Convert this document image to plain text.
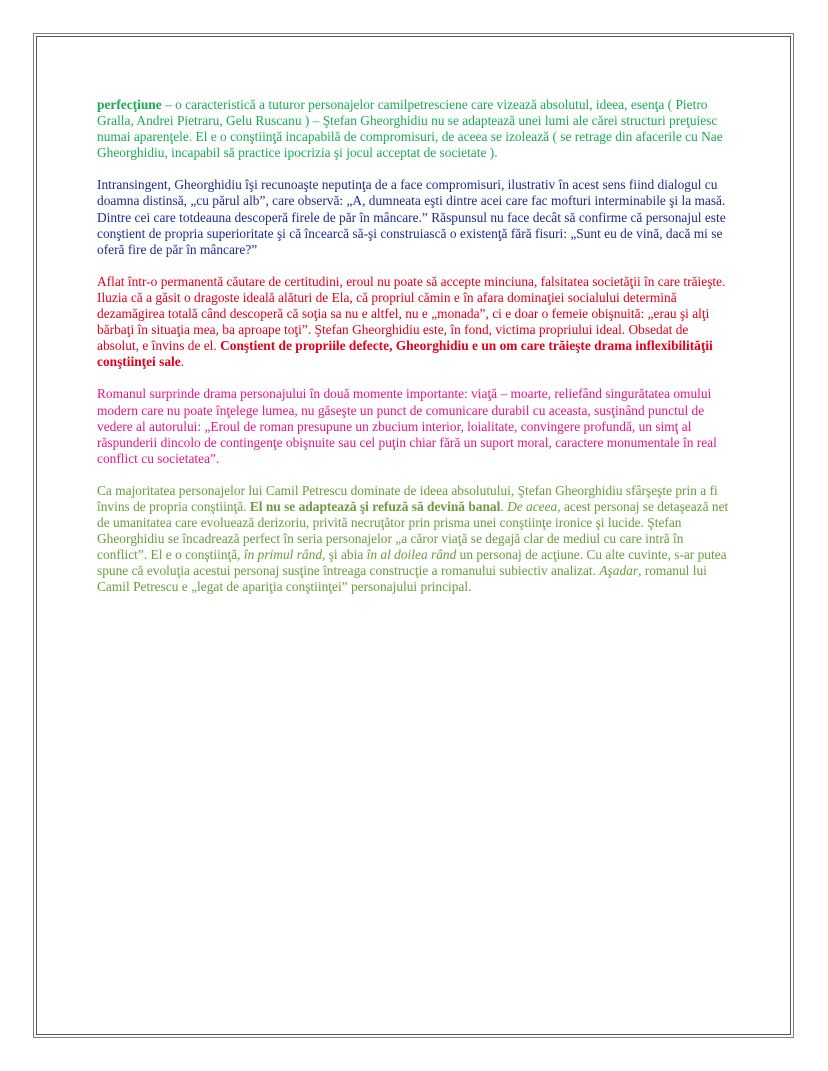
perfecţiune – o caracteristică a tuturor personajelor camilpetresciene care vizează absolutul, ideea, esenţa ( Pietro Gralla, Andrei Pietraru, Gelu Ruscanu ) – Ştefan Gheorghidiu nu se adaptează unei lumi ale cărei structuri preţuiesc numai aparenţele. El e o conştiinţă incapabilă de compromisuri, de aceea se izolează ( se retrage din afacerile cu Nae Gheorghidiu, incapabil să practice ipocrizia şi jocul acceptat de societate ).

Intransingent, Gheorghidiu îşi recunoaşte neputinţa de a face compromisuri, ilustrativ în acest sens fiind dialogul cu doamna distinsă, „cu părul alb”, care observă: „A, dumneata eşti dintre acei care fac mofturi interminabile şi la masă. Dintre cei care totdeauna descoperă firele de păr în mâncare.” Răspunsul nu face decât să confirme că personajul este conştient de propria superioritate şi că încearcă să-şi construiască o existenţă fără fisuri: „Sunt eu de vină, dacă mi se oferă fire de păr în mâncare?”

Aflat într-o permanentă căutare de certitudini, eroul nu poate să accepte minciuna, falsitatea societăţii în care trăieşte. Iluzia că a găsit o dragoste ideală alături de Ela, că propriul cămin e în afara dominaţiei socialului determină dezamăgirea totală când descoperă că soţia sa nu e altfel, nu e „monada”, ci e doar o femeie obişnuită: „erau şi alţi bărbaţi în situaţia mea, ba aproape toţi”. Ştefan Gheorghidiu este, în fond, victima propriului ideal. Obsedat de absolut, e învins de el. Conştient de propriile defecte, Gheorghidiu e un om care trăieşte drama inflexibilităţii conştiinţei sale.

Romanul surprinde drama personajului în două momente importante: viaţă – moarte, reliefând singurătatea omului modern care nu poate înţelege lumea, nu găseşte un punct de comunicare durabil cu aceasta, susţinând punctul de vedere al autorului: „Eroul de roman presupune un zbucium interior, loialitate, convingere profundă, un simţ al răspunderii dincolo de contingenţe obişnuite sau cel puţin chiar fără un suport moral, caractere monumentale în real conflict cu societatea”.

Ca majoritatea personajelor lui Camil Petrescu dominate de ideea absolutului, Ştefan Gheorghidiu sfârşeşte prin a fi învins de propria conştiinţă. El nu se adaptează şi refuză să devină banal. De aceea, acest personaj se detaşează net de umanitatea care evoluează derizoriu, privită necruţător prin prisma unei conştiinţe ironice şi lucide. Ştefan Gheorghidiu se încadrează perfect în seria personajelor „a căror viaţă se degajă clar de mediul cu care intră în conflict”. El e o conştiinţă, în primul rând, şi abia în al doilea rând un personaj de acţiune. Cu alte cuvinte, s-ar putea spune că evoluţia acestui personaj susţine întreaga construcţie a romanului subiectiv analizat. Aşadar, romanul lui Camil Petrescu e „legat de apariţia conştiinţei” personajului principal.
